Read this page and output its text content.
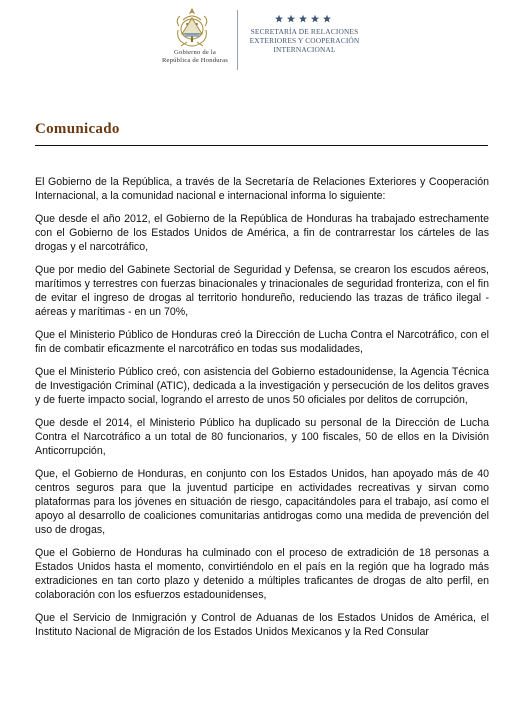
Gobierno de la
República de Honduras
SECRETARÍA DE RELACIONES
EXTERIORES Y COOPERACIÓN
INTERNACIONAL
Comunicado

El Gobierno de la República, a través de la Secretaría de Relaciones Exteriores y Cooperación Internacional, a la comunidad nacional e internacional informa lo siguiente:

Que desde el año 2012, el Gobierno de la República de Honduras ha trabajado estrechamente con el Gobierno de los Estados Unidos de América, a fin de contrarrestar los cárteles de las drogas y el narcotráfico,

Que por medio del Gabinete Sectorial de Seguridad y Defensa, se crearon los escudos aéreos, marítimos y terrestres con fuerzas binacionales y trinacionales de seguridad fronteriza, con el fin de evitar el ingreso de drogas al territorio hondureño, reduciendo las trazas de tráfico ilegal - aéreas y marítimas - en un 70%,

Que el Ministerio Público de Honduras creó la Dirección de Lucha Contra el Narcotráfico, con el fin de combatir eficazmente el narcotráfico en todas sus modalidades,

Que el Ministerio Público creó, con asistencia del Gobierno estadounidense, la Agencia Técnica de Investigación Criminal (ATIC), dedicada a la investigación y persecución de los delitos graves y de fuerte impacto social, logrando el arresto de unos 50 oficiales por delitos de corrupción,

Que desde el 2014, el Ministerio Público ha duplicado su personal de la Dirección de Lucha Contra el Narcotráfico a un total de 80 funcionarios, y 100 fiscales, 50 de ellos en la División Anticorrupción,

Que, el Gobierno de Honduras, en conjunto con los Estados Unidos, han apoyado más de 40 centros seguros para que la juventud participe en actividades recreativas y sirvan como plataformas para los jóvenes en situación de riesgo, capacitándoles para el trabajo, así como el apoyo al desarrollo de coaliciones comunitarias antidrogas como una medida de prevención del uso de drogas,

Que el Gobierno de Honduras ha culminado con el proceso de extradición de 18 personas a Estados Unidos hasta el momento, convirtiéndolo en el país en la región que ha logrado más extradiciones en tan corto plazo y detenido a múltiples traficantes de drogas de alto perfil, en colaboración con los esfuerzos estadounidenses,

Que el Servicio de Inmigración y Control de Aduanas de los Estados Unidos de América, el Instituto Nacional de Migración de los Estados Unidos Mexicanos y la Red Consular
